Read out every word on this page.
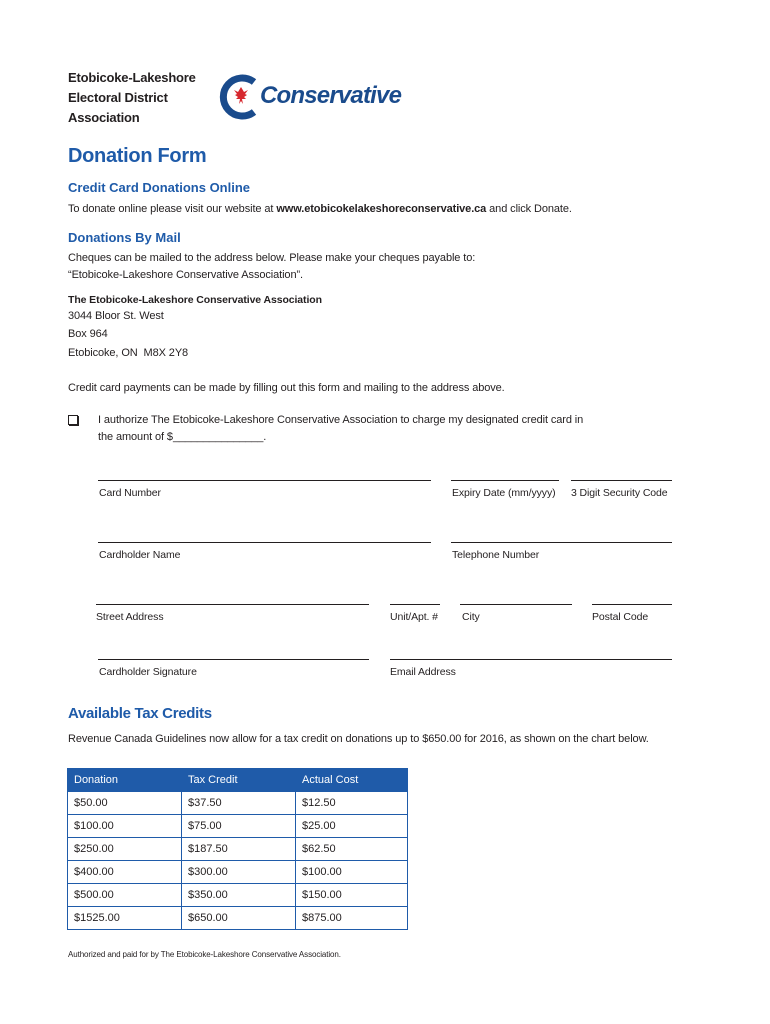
Etobicoke-Lakeshore
Electoral District
Association
Conservative
Donation Form
Credit Card Donations Online
To donate online please visit our website at www.etobicokelakeshoreconservative.ca and click Donate.
Donations By Mail
Cheques can be mailed to the address below. Please make your cheques payable to:
“Etobicoke-Lakeshore Conservative Association”.
The Etobicoke-Lakeshore Conservative Association
3044 Bloor St. West
Box 964
Etobicoke, ON  M8X 2Y8
Credit card payments can be made by filling out this form and mailing to the address above.
I authorize The Etobicoke-Lakeshore Conservative Association to charge my designated credit card in
the amount of $_______________.
Card Number	Expiry Date (mm/yyyy) 3 Digit Security Code
Cardholder Name	Telephone Number
Street Address	Unit/Apt. # City	Postal Code
Cardholder Signature	Email Address
Available Tax Credits
Revenue Canada Guidelines now allow for a tax credit on donations up to $650.00 for 2016, as shown on the chart below.
Donation	Tax Credit	Actual Cost
$50.00	$37.50	$12.50
$100.00	$75.00	$25.00
$250.00	$187.50	$62.50
$400.00	$300.00	$100.00
$500.00	$350.00	$150.00
$1525.00	$650.00	$875.00
Authorized and paid for by The Etobicoke-Lakeshore Conservative Association.
